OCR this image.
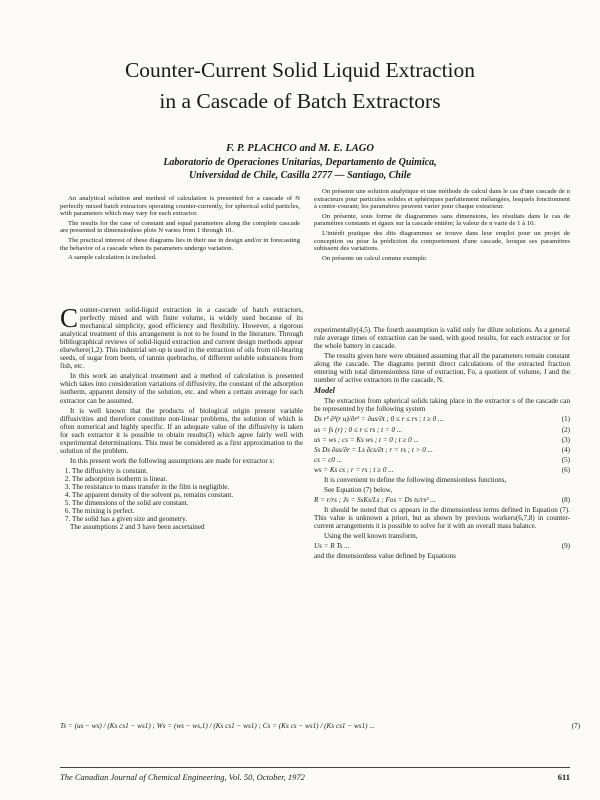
Counter-Current Solid Liquid Extraction
in a Cascade of Batch Extractors
F. P. PLACHCO and M. E. LAGO
Laboratorio de Operaciones Unitarias, Departamento de Quimica,
Universidad de Chile, Casilla 2777 — Santiago, Chile

An analytical solution and method of calculation is presented for a cascade of N perfectly mixed batch extractors operating counter-currently, for spherical solid particles, with parameters which may vary for each extractor.

The results for the case of constant and equal parameters along the complete cascade are presented in dimensionless plots N varies from 1 through 10.

The practical interest of these diagrams lies in their use in design and/or in forecasting the behavior of a cascade when its parameters undergo variation.

A sample calculation is included.

On présente une solution analytique et une méthode de calcul dans le cas d'une cascade de n extracteurs pour particules solides et sphériques parfaitement mélangées, lesquels fonctionnent à contre-courant; les paramètres peuvent varier pour chaque extracteur.

On présente, sous forme de diagrammes sans dimensions, les résultats dans le cas de paramètres constants et égaux sur la cascade entière; la valeur de n varie de 1 à 10.

L'intérêt pratique des dits diagrammes se trouve dans leur emploi pour un projet de conception ou pour la prédiction du comportement d'une cascade, lorsque ses paramètres subissent des variations.

On présente un calcul comme exemple.

Counter-current solid-liquid extraction in a cascade of batch extractors, perfectly mixed and with finite volume, is widely used because of its mechanical simplicity, good efficiency and flexibility. However, a rigorous analytical treatment of this arrangement is not to be found in the literature. Through bibliographical reviews of solid-liquid extraction and current design methods appear elsewhere(1,2). This industrial set-up is used in the extraction of oils from oil-bearing seeds, of sugar from beets, of tannin quebracho, of different soluble substances from fish, etc.

In this work an analytical treatment and a method of calculation is presented which takes into consideration variations of diffusivity, the constant of the adsorption isotherm, apparent density of the solution, etc. and when a certain average for each extractor can be assumed.

It is well known that the products of biological origin present variable diffusivities and therefore constitute non-linear problems, the solution of which is often numerical and highly specific. If an adequate value of the diffusivity is taken for each extractor it is possible to obtain results(3) which agree fairly well with experimental determinations. This must be considered as a first approximation to the solution of the problem.

In this present work the following assumptions are made for extractor s:

1. The diffusivity is constant.
2. The adsorption isotherm is linear.
3. The resistance to mass transfer in the film is negligible.
4. The apparent density of the solvent ρs, remains constant.
5. The dimensions of the solid are constant.
6. The mixing is perfect.
7. The solid has a given size and geometry.

The assumptions 2 and 3 have been ascertained

experimentally(4,5). The fourth assumption is valid only for dilute solutions. As a general rule average times of extraction can be used, with good results, for each extractor or for the whole battery in cascade.

The results given here were obtained assuming that all the parameters remain constant along the cascade. The diagrams permit direct calculations of the extracted fraction entering with total dimensionless time of extraction, Fo, a quotient of volume, J and the number of active extractors in the cascade, N.

Model

The extraction from spherical solids taking place in the extractor s of the cascade can be represented by the following system

Ds r² ∂²(r u)/∂r² = ∂us/∂t ; 0 ≤ r ≤ rs ; t ≥ 0 ...	(1)
us = fs (r) ; 0 ≤ r ≤ rs ; t = 0 ...	(2)
us = ws ; cs = Ks ws ; t = 0 ; t ≥ 0 ...	(3)
Ss Ds ∂us/∂r = Ls ∂cs/∂t ; r = rs ; t > 0 ...	(4)
cs = c0 ...	(5)
ws = Ks cs ; r = rs ; t ≥ 0 ...	(6)

It is convenient to define the following dimensionless functions,

See Equation (7) below,

R = r/rs ; Js = SsKs/Ls ; Fos = Ds ts/rs² ...	(8)

It should be noted that cs appears in the dimensionless terms defined in Equation (7). This value is unknown a priori, but as shown by previous workers(6,7,8) in counter-current arrangements it is possible to solve for it with an overall mass balance.

Using the well known transform,

Us = R Ts ...	(9)

and the dimensionless value defined by Equations

Ts = (us − ws) / (Ks cs1 − ws1) ; Ws = (ws − ws,1) / (Ks cs1 − ws1) ; Cs = (Ks cs − ws1) / (Ks cs1 − ws1) ...	(7)
The Canadian Journal of Chemical Engineering, Vol. 50, October, 1972	611
